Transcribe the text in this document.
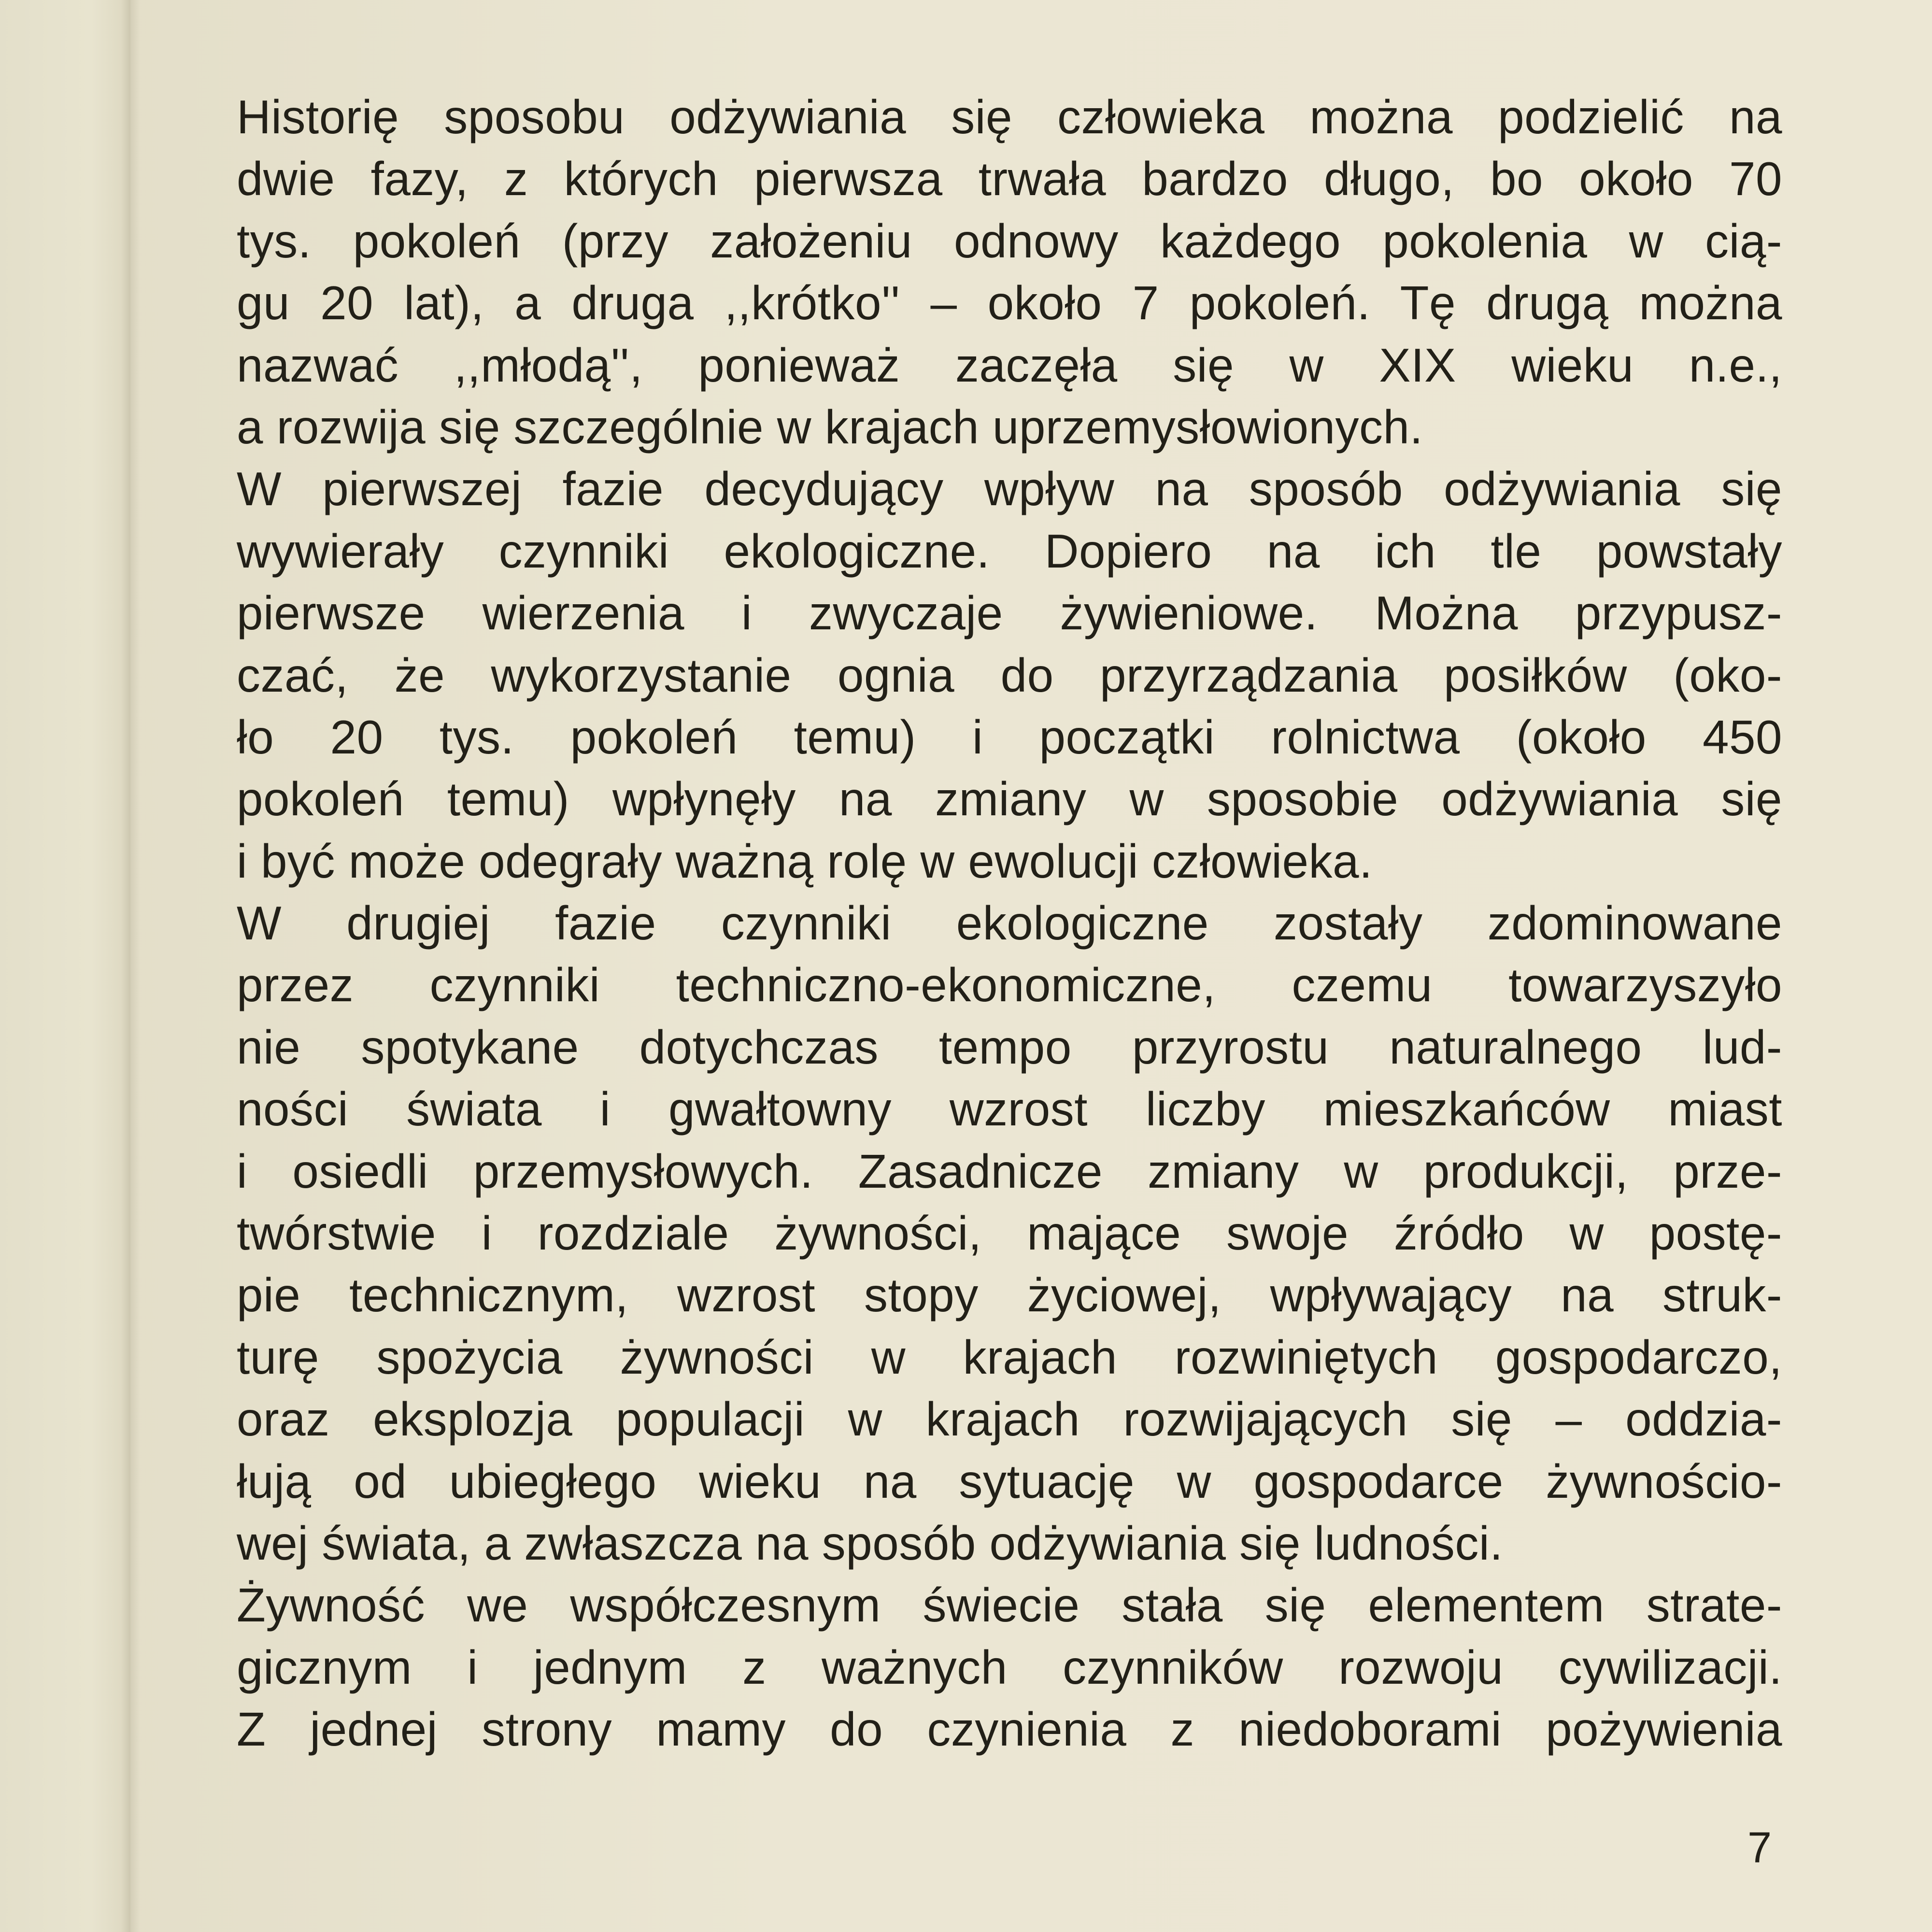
Historię sposobu odżywiania się człowieka można podzielić na
dwie fazy, z których pierwsza trwała bardzo długo, bo około 70
tys. pokoleń (przy założeniu odnowy każdego pokolenia w cią-
gu 20 lat), a druga ,,krótko'' – około 7 pokoleń. Tę drugą można
nazwać ,,młodą'', ponieważ zaczęła się w XIX wieku n.e.,
a rozwija się szczególnie w krajach uprzemysłowionych.
W pierwszej fazie decydujący wpływ na sposób odżywiania się
wywierały czynniki ekologiczne. Dopiero na ich tle powstały
pierwsze wierzenia i zwyczaje żywieniowe. Można przypusz-
czać, że wykorzystanie ognia do przyrządzania posiłków (oko-
ło 20 tys. pokoleń temu) i początki rolnictwa (około 450
pokoleń temu) wpłynęły na zmiany w sposobie odżywiania się
i być może odegrały ważną rolę w ewolucji człowieka.
W drugiej fazie czynniki ekologiczne zostały zdominowane
przez czynniki techniczno-ekonomiczne, czemu towarzyszyło
nie spotykane dotychczas tempo przyrostu naturalnego lud-
ności świata i gwałtowny wzrost liczby mieszkańców miast
i osiedli przemysłowych. Zasadnicze zmiany w produkcji, prze-
twórstwie i rozdziale żywności, mające swoje źródło w postę-
pie technicznym, wzrost stopy życiowej, wpływający na struk-
turę spożycia żywności w krajach rozwiniętych gospodarczo,
oraz eksplozja populacji w krajach rozwijających się – oddzia-
łują od ubiegłego wieku na sytuację w gospodarce żywnościo-
wej świata, a zwłaszcza na sposób odżywiania się ludności.
Żywność we współczesnym świecie stała się elementem strate-
gicznym i jednym z ważnych czynników rozwoju cywilizacji.
Z jednej strony mamy do czynienia z niedoborami pożywienia
7
